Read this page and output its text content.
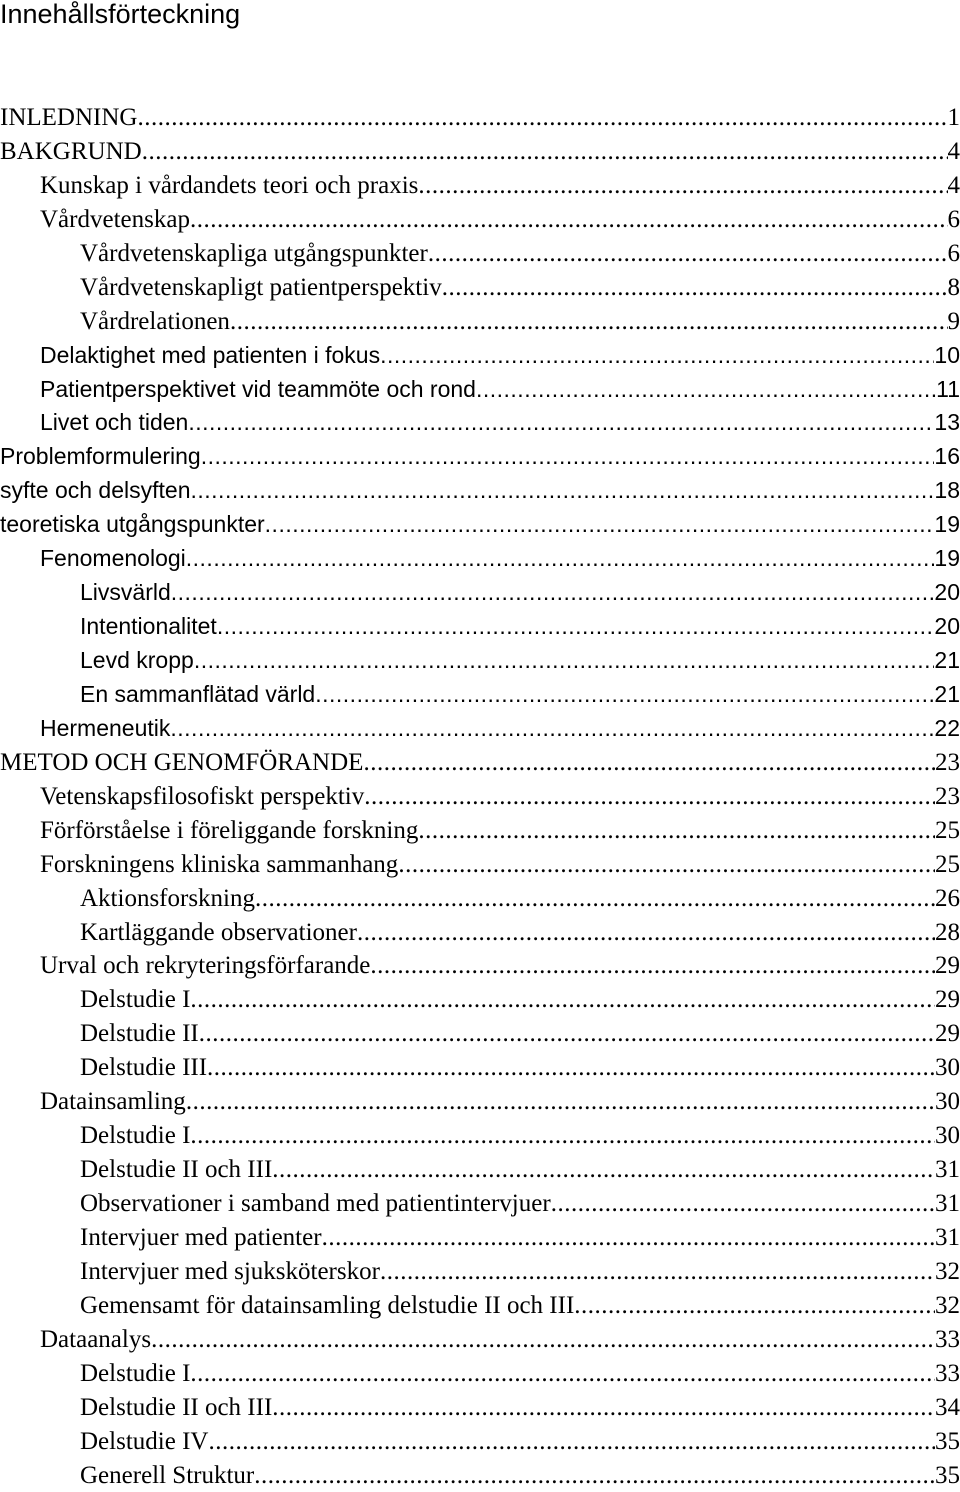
Innehållsförteckning
INLEDNING .....	1
BAKGRUND .....	4
Kunskap i vårdandets teori och praxis .....	4
Vårdvetenskap .....	6
Vårdvetenskapliga utgångspunkter .....	6
Vårdvetenskapligt patientperspektiv .....	8
Vårdrelationen .....	9
Delaktighet med patienten i fokus .....	10
Patientperspektivet vid teammöte och rond .....	11
Livet och tiden .....	13
Problemformulering .....	16
syfte och delsyften .....	18
teoretiska utgångspunkter .....	19
Fenomenologi .....	19
Livsvärld .....	20
Intentionalitet .....	20
Levd kropp .....	21
En sammanflätad värld .....	21
Hermeneutik .....	22
METOD OCH GENOMFÖRANDE .....	23
Vetenskapsfilosofiskt perspektiv .....	23
Förförståelse i föreliggande forskning .....	25
Forskningens kliniska sammanhang .....	25
Aktionsforskning .....	26
Kartläggande observationer .....	28
Urval och rekryteringsförfarande .....	29
Delstudie I .....	29
Delstudie II .....	29
Delstudie III .....	30
Datainsamling .....	30
Delstudie I .....	30
Delstudie II och III .....	31
Observationer i samband med patientintervjuer .....	31
Intervjuer med patienter .....	31
Intervjuer med sjuksköterskor .....	32
Gemensamt för datainsamling delstudie II och III .....	32
Dataanalys .....	33
Delstudie I .....	33
Delstudie II och III .....	34
Delstudie IV .....	35
Generell Struktur .....	35
